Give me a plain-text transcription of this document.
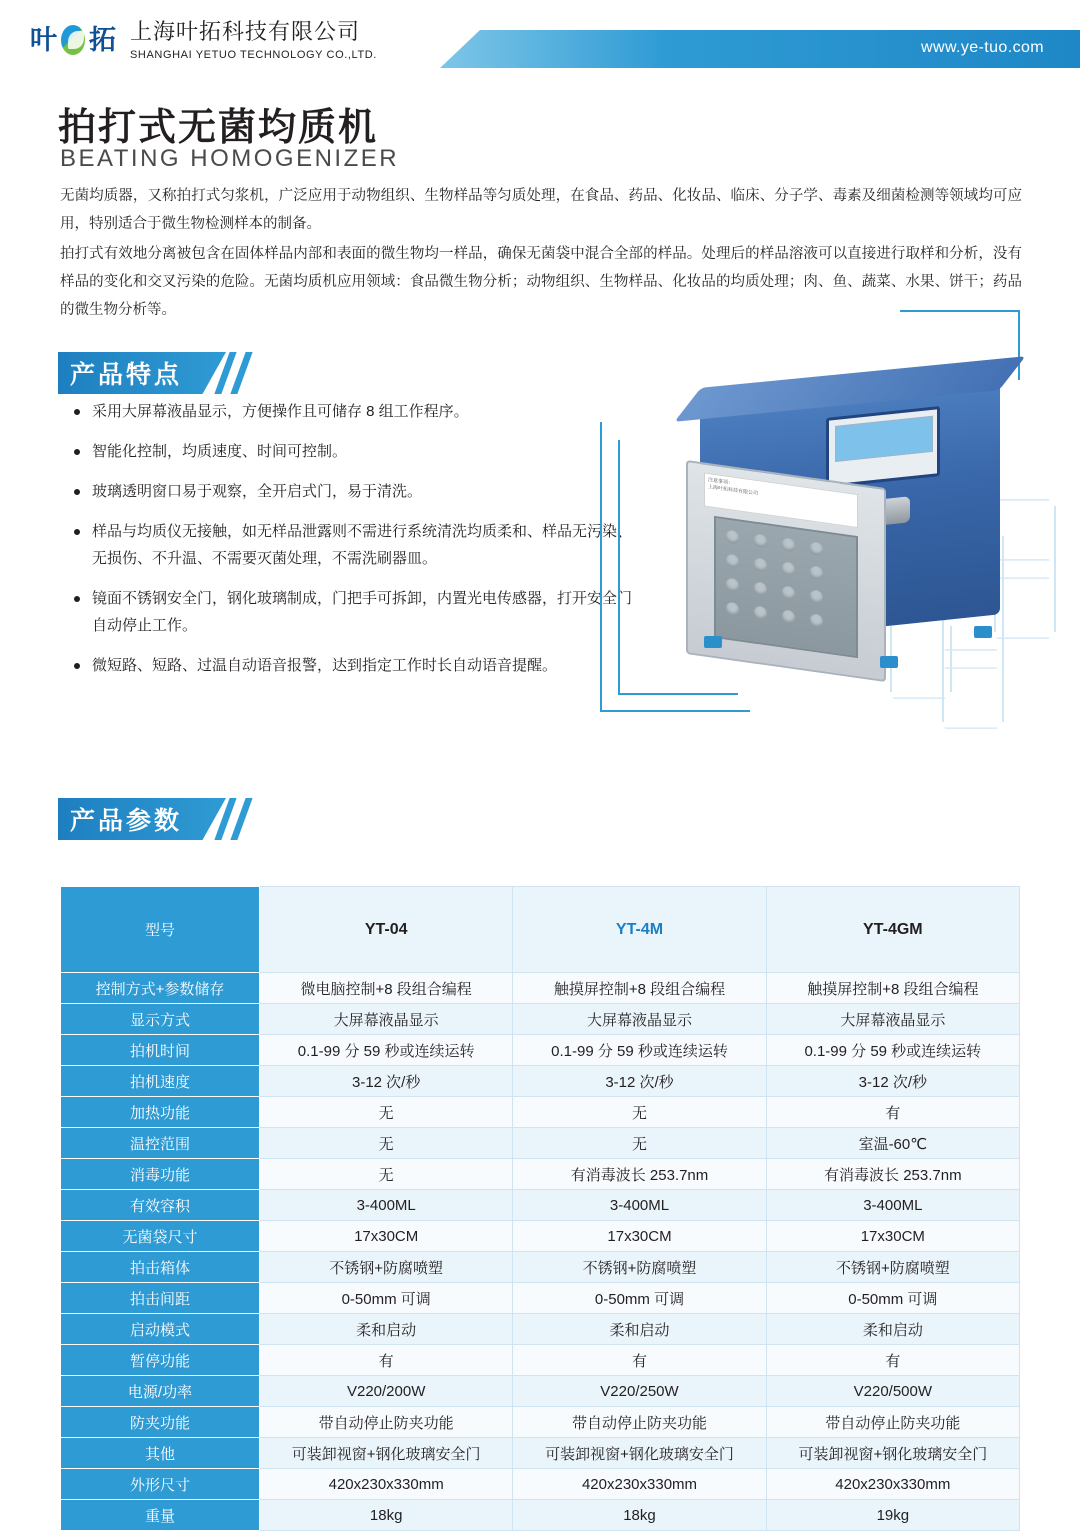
叶 拓 上海叶拓科技有限公司
SHANGHAI YETUO TECHNOLOGY CO.,LTD.	www.ye-tuo.com
拍打式无菌均质机
BEATING HOMOGENIZER

无菌均质器，又称拍打式匀浆机，广泛应用于动物组织、生物样品等匀质处理，在食品、药品、化妆品、临床、分子学、毒素及细菌检测等领域均可应用，特别适合于微生物检测样本的制备。

拍打式有效地分离被包含在固体样品内部和表面的微生物均一样品，确保无菌袋中混合全部的样品。处理后的样品溶液可以直接进行取样和分析，没有样品的变化和交叉污染的危险。无菌均质机应用领域：食品微生物分析；动物组织、生物样品、化妆品的均质处理；肉、鱼、蔬菜、水果、饼干；药品的微生物分析等。

产品特点
采用大屏幕液晶显示，方便操作且可储存 8 组工作程序。
智能化控制，均质速度、时间可控制。
玻璃透明窗口易于观察，全开启式门，易于清洗。
样品与均质仪无接触，如无样品泄露则不需进行系统清洗均质柔和、样品无污染、无损伤、不升温、不需要灭菌处理，不需洗刷器皿。
镜面不锈钢安全门，钢化玻璃制成，门把手可拆卸，内置光电传感器，打开安全门自动停止工作。
微短路、短路、过温自动语音报警，达到指定工作时长自动语音提醒。
注意事项：
上海叶拓科技有限公司
产品参数
型号	YT-04	YT-4M	YT-4GM
控制方式+参数储存	微电脑控制+8 段组合编程	触摸屏控制+8 段组合编程	触摸屏控制+8 段组合编程
显示方式	大屏幕液晶显示	大屏幕液晶显示	大屏幕液晶显示
拍机时间	0.1-99 分 59 秒或连续运转	0.1-99 分 59 秒或连续运转	0.1-99 分 59 秒或连续运转
拍机速度	3-12 次/秒	3-12 次/秒	3-12 次/秒
加热功能	无	无	有
温控范围	无	无	室温-60℃
消毒功能	无	有消毒波长 253.7nm	有消毒波长 253.7nm
有效容积	3-400ML	3-400ML	3-400ML
无菌袋尺寸	17x30CM	17x30CM	17x30CM
拍击箱体	不锈钢+防腐喷塑	不锈钢+防腐喷塑	不锈钢+防腐喷塑
拍击间距	0-50mm 可调	0-50mm 可调	0-50mm 可调
启动模式	柔和启动	柔和启动	柔和启动
暂停功能	有	有	有
电源/功率	V220/200W	V220/250W	V220/500W
防夹功能	带自动停止防夹功能	带自动停止防夹功能	带自动停止防夹功能
其他	可装卸视窗+钢化玻璃安全门	可装卸视窗+钢化玻璃安全门	可装卸视窗+钢化玻璃安全门
外形尺寸	420x230x330mm	420x230x330mm	420x230x330mm
重量	18kg	18kg	19kg
